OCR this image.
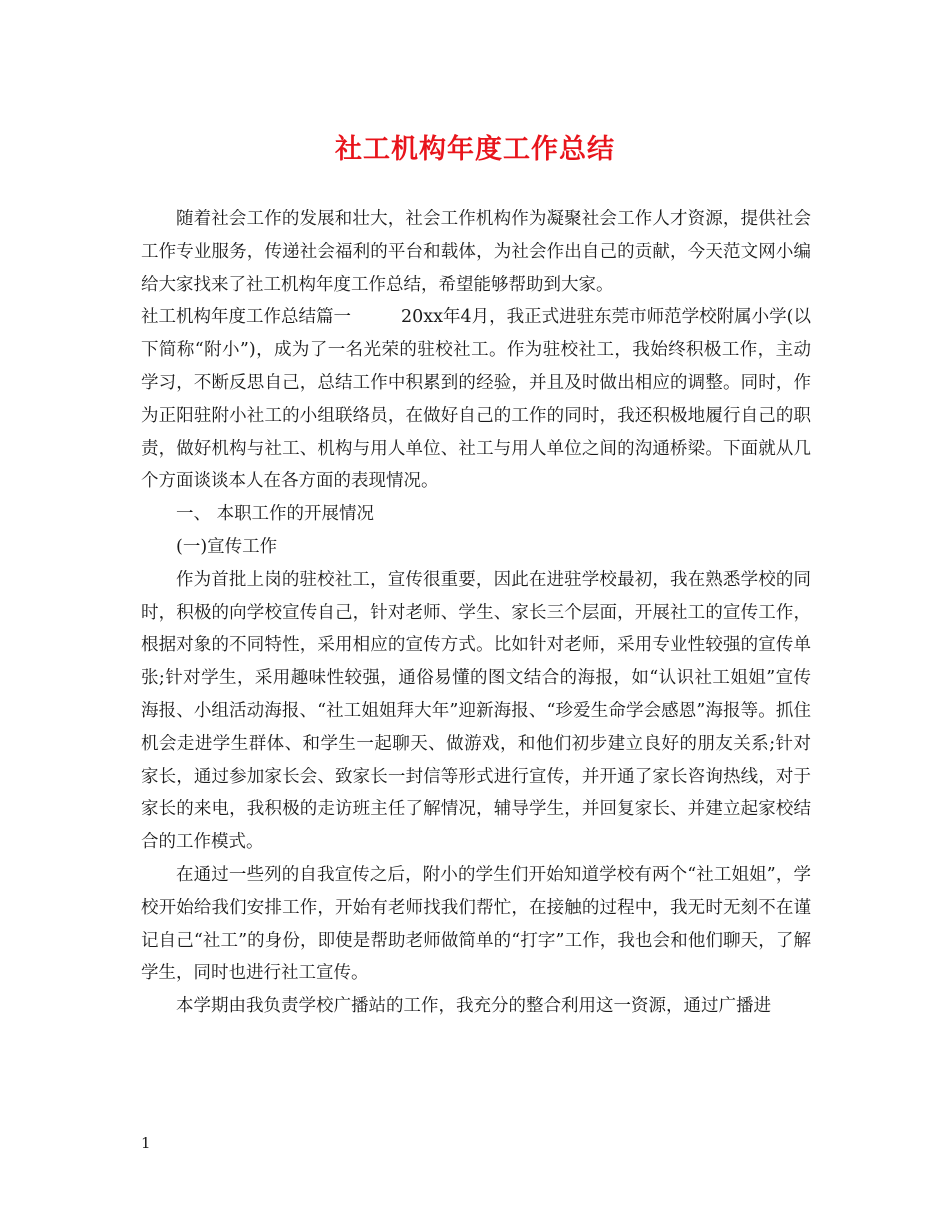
社工机构年度工作总结

随着社会工作的发展和壮大，社会工作机构作为凝聚社会工作人才资源，提供社会工作专业服务，传递社会福利的平台和载体，为社会作出自己的贡献，今天范文网小编给大家找来了社工机构年度工作总结，希望能够帮助到大家。

社工机构年度工作总结篇一	20xx年4月，我正式进驻东莞市师范学校附属小学(以下简称“附小”)，成为了一名光荣的驻校社工。作为驻校社工，我始终积极工作，主动学习，不断反思自己，总结工作中积累到的经验，并且及时做出相应的调整。同时，作为正阳驻附小社工的小组联络员，在做好自己的工作的同时，我还积极地履行自己的职责，做好机构与社工、机构与用人单位、社工与用人单位之间的沟通桥梁。下面就从几个方面谈谈本人在各方面的表现情况。

一、 本职工作的开展情况

(一)宣传工作

作为首批上岗的驻校社工，宣传很重要，因此在进驻学校最初，我在熟悉学校的同时，积极的向学校宣传自己，针对老师、学生、家长三个层面，开展社工的宣传工作，根据对象的不同特性，采用相应的宣传方式。比如针对老师，采用专业性较强的宣传单张;针对学生，采用趣味性较强，通俗易懂的图文结合的海报，如“认识社工姐姐”宣传海报、小组活动海报、“社工姐姐拜大年”迎新海报、“珍爱生命学会感恩”海报等。抓住机会走进学生群体、和学生一起聊天、做游戏，和他们初步建立良好的朋友关系;针对家长，通过参加家长会、致家长一封信等形式进行宣传，并开通了家长咨询热线，对于家长的来电，我积极的走访班主任了解情况，辅导学生，并回复家长、并建立起家校结合的工作模式。

在通过一些列的自我宣传之后，附小的学生们开始知道学校有两个“社工姐姐”，学校开始给我们安排工作，开始有老师找我们帮忙，在接触的过程中，我无时无刻不在谨记自己“社工”的身份，即使是帮助老师做简单的“打字”工作，我也会和他们聊天，了解学生，同时也进行社工宣传。

本学期由我负责学校广播站的工作，我充分的整合利用这一资源，通过广播进

1
